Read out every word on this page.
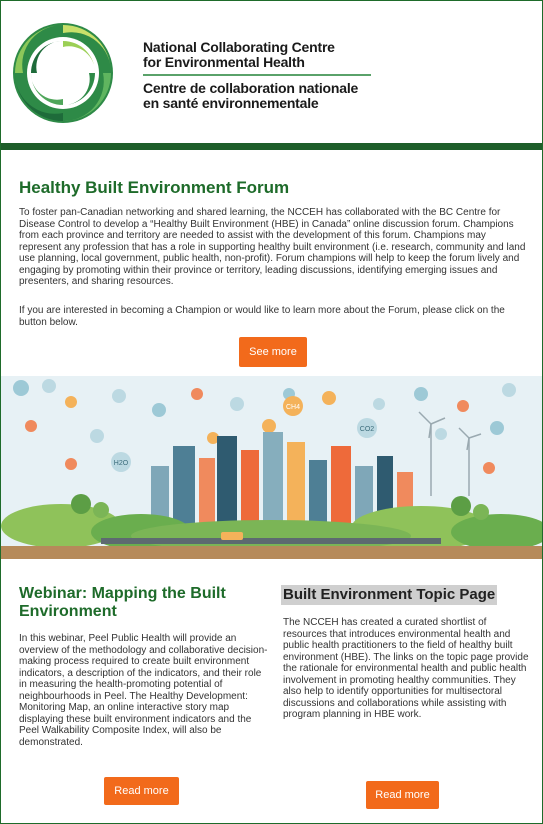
National Collaborating Centre
for Environmental Health
Centre de collaboration nationale
en santé environnementale
Healthy Built Environment Forum
To foster pan-Canadian networking and shared learning, the NCCEH has collaborated with the BC Centre for Disease Control to develop a “Healthy Built Environment (HBE) in Canada” online discussion forum. Champions from each province and territory are needed to assist with the development of this forum. Champions may represent any profession that has a role in supporting healthy built environment (i.e. research, community and land use planning, local government, public health, non-profit). Forum champions will help to keep the forum lively and engaging by promoting within their province or territory, leading discussions, identifying emerging issues and presenters, and sharing resources.
If you are interested in becoming a Champion or would like to learn more about the Forum, please click on the button below.
See more
CH4
CO2
H2O
Webinar: Mapping the Built Environment
In this webinar, Peel Public Health will provide an overview of the methodology and collaborative decision-making process required to create built environment indicators, a description of the indicators, and their role in measuring the health-promoting potential of neighbourhoods in Peel. The Healthy Development: Monitoring Map, an online interactive story map displaying these built environment indicators and the Peel Walkability Composite Index, will also be demonstrated.
Read more
Built Environment Topic Page
The NCCEH has created a curated shortlist of resources that introduces environmental health and public health practitioners to the field of healthy built environment (HBE). The links on the topic page provide the rationale for environmental health and public health involvement in promoting healthy communities. They also help to identify opportunities for multisectoral discussions and collaborations while assisting with program planning in HBE work.
Read more
